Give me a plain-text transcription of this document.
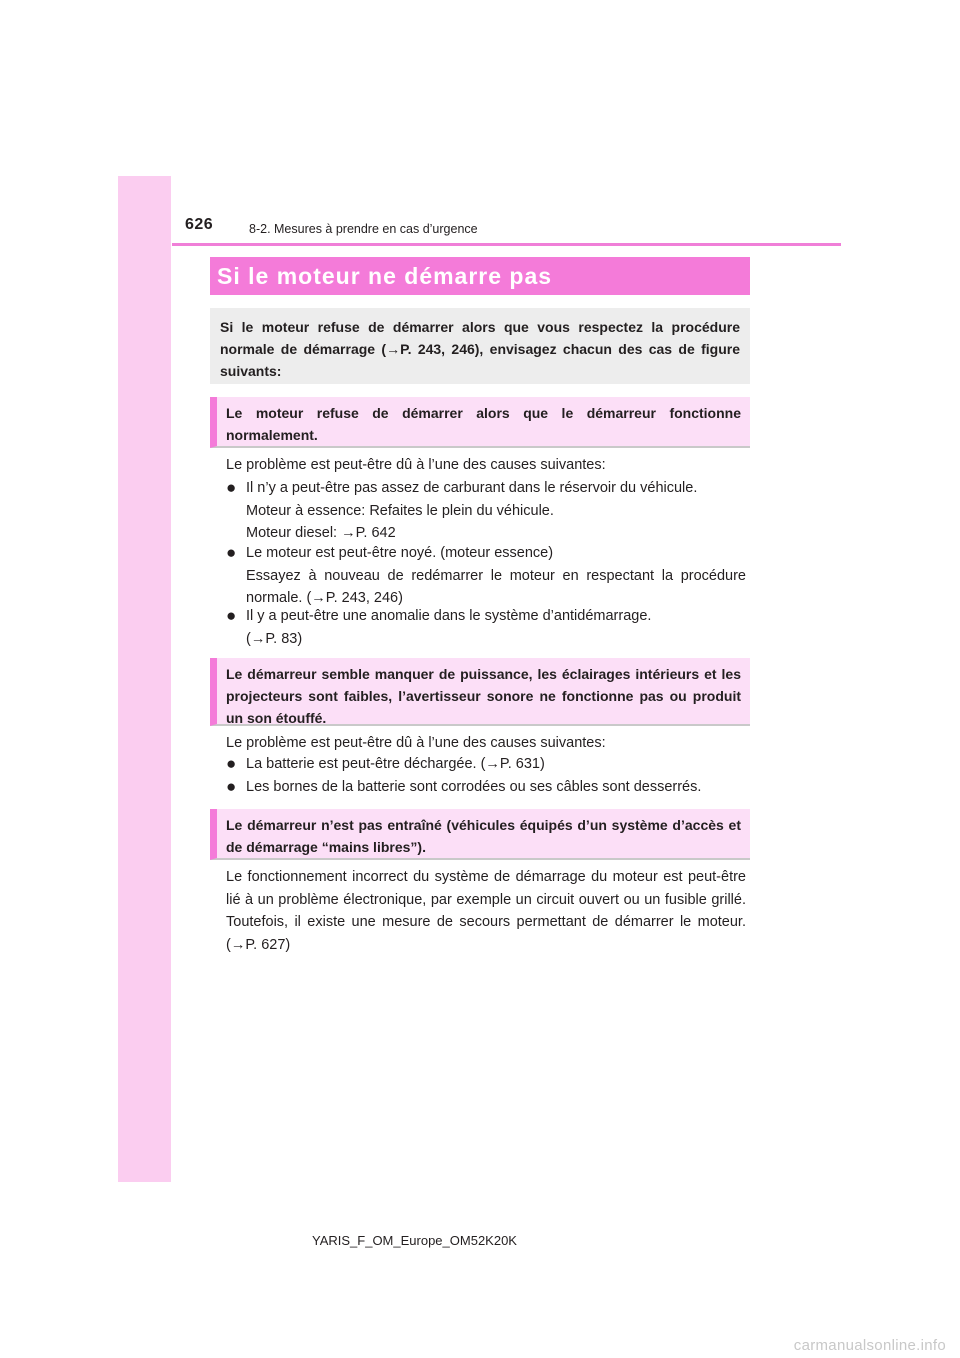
626	8-2. Mesures à prendre en cas d’urgence
Si le moteur ne démarre pas
Si le moteur refuse de démarrer alors que vous respectez la procédure normale de démarrage (→P. 243, 246), envisagez chacun des cas de figure suivants:
Le moteur refuse de démarrer alors que le démarreur fonctionne normalement.
Le problème est peut-être dû à l’une des causes suivantes:
● Il n’y a peut-être pas assez de carburant dans le réservoir du véhicule.
Moteur à essence: Refaites le plein du véhicule.
Moteur diesel: →P. 642
● Le moteur est peut-être noyé. (moteur essence)
Essayez à nouveau de redémarrer le moteur en respectant la procédure normale. (→P. 243, 246)
● Il y a peut-être une anomalie dans le système d’antidémarrage.
(→P. 83)
Le démarreur semble manquer de puissance, les éclairages intérieurs et les projecteurs sont faibles, l’avertisseur sonore ne fonctionne pas ou produit un son étouffé.
Le problème est peut-être dû à l’une des causes suivantes:
● La batterie est peut-être déchargée. (→P. 631)
● Les bornes de la batterie sont corrodées ou ses câbles sont desserrés.
Le démarreur n’est pas entraîné (véhicules équipés d’un système d’accès et de démarrage “mains libres”).
Le fonctionnement incorrect du système de démarrage du moteur est peut-être lié à un problème électronique, par exemple un circuit ouvert ou un fusible grillé. Toutefois, il existe une mesure de secours permettant de démarrer le moteur. (→P. 627)
YARIS_F_OM_Europe_OM52K20K
carmanualsonline.info
